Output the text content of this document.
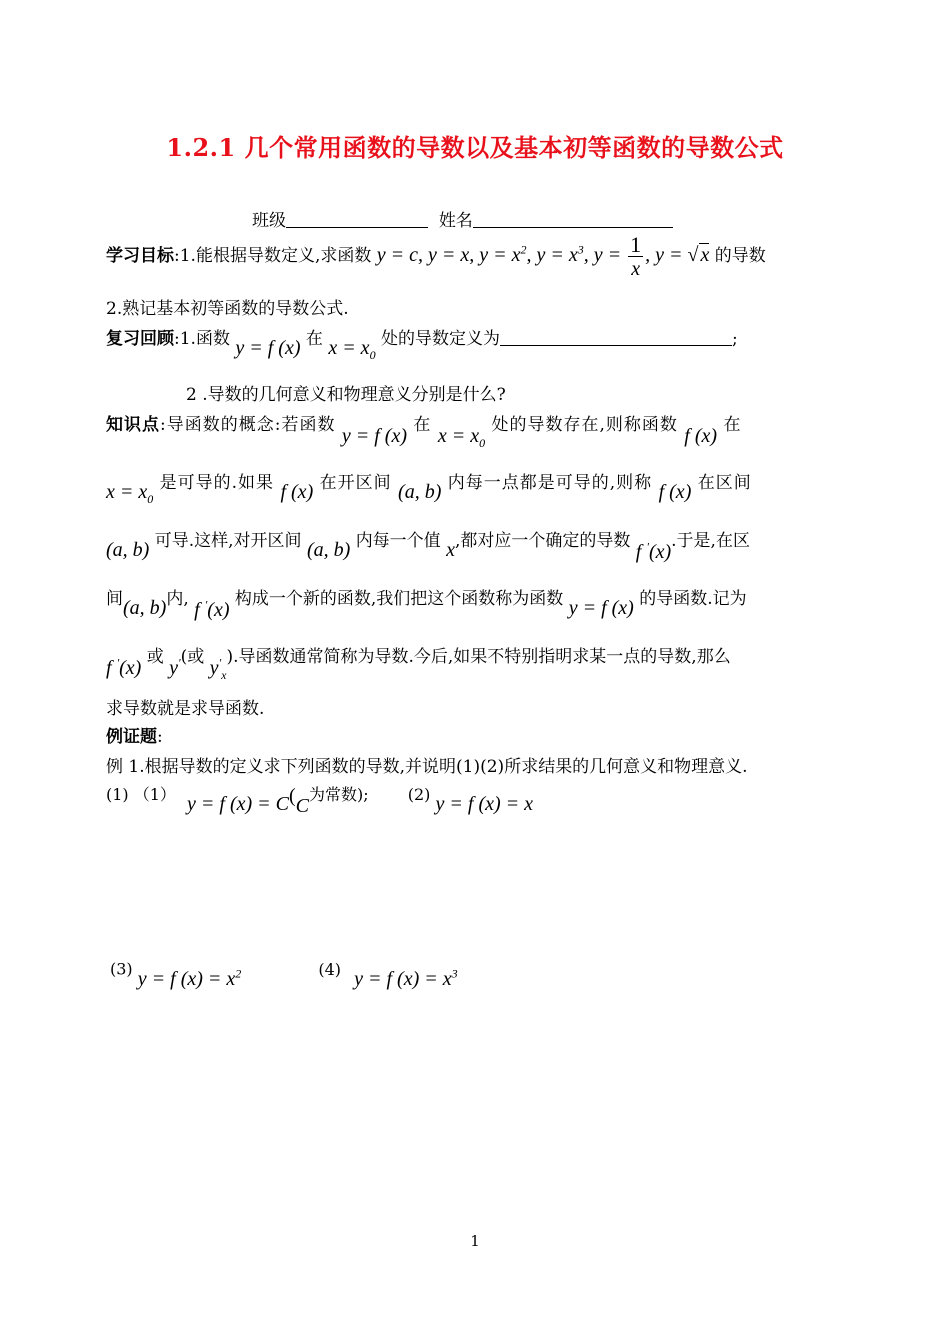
1.2.1 几个常用函数的导数以及基本初等函数的导数公式
班级	姓名
学习目标:1.能根据导数定义,求函数 y = c, y = x, $y = x^2$, $y = x^3$, $y = \frac{1}{x}$ , y = √ x 的导数
2.熟记基本初等函数的导数公式.
复习回顾:1.函数 y = f (x) 在 $x = x_0$ 处的导数定义为	;
2 .导数的几何意义和物理意义分别是什么?
知识点:导函数的概念:若函数 y = f (x) 在 $x = x_0$ 处的导数存在,则称函数 f (x) 在
$x = x_0$ 是可导的.如果 f (x) 在开区间 (a, b) 内每一点都是可导的,则称 f (x) 在区间
(a, b) 可导.这样,对开区间 (a, b) 内每一个值 x,都对应一个确定的导数 f '(x).于是,在区
间(a, b)内, f '(x) 构成一个新的函数,我们把这个函数称为函数 y = f (x) 的导函数.记为
f '(x) 或 y'(或 $y'_x$).导函数通常简称为导数.今后,如果不特别指明求某一点的导数,那么
求导数就是求导函数.
例证题:
例 1.根据导数的定义求下列函数的导数,并说明(1)(2)所求结果的几何意义和物理意义.
(1) （1） y = f (x) = C(C为常数); (2) y = f (x) = x
(3) y = f $(x) = x^2$	(4) y = f $(x) = x^3$
1
